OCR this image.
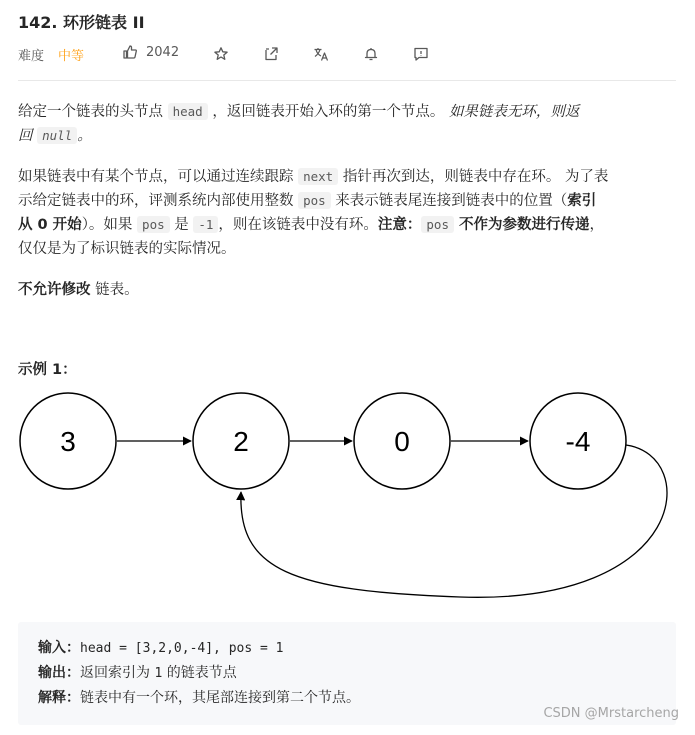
142. 环形链表 II
难度 中等	2042
给定一个链表的头节点 head ，返回链表开始入环的第一个节点。 如果链表无环，则返
回 null 。
如果链表中有某个节点，可以通过连续跟踪 next 指针再次到达，则链表中存在环。 为了表
示给定链表中的环，评测系统内部使用整数 pos 来表示链表尾连接到链表中的位置（索引
从 0 开始）。如果 pos 是 -1 ，则在该链表中没有环。注意： pos 不作为参数进行传递，
仅仅是为了标识链表的实际情况。
不允许修改 链表。
示例 1：
3	2	0	-4
输入：head = [3,2,0,-4], pos = 1
输出：返回索引为 1 的链表节点
解释：链表中有一个环，其尾部连接到第二个节点。
CSDN @Mrstarcheng
